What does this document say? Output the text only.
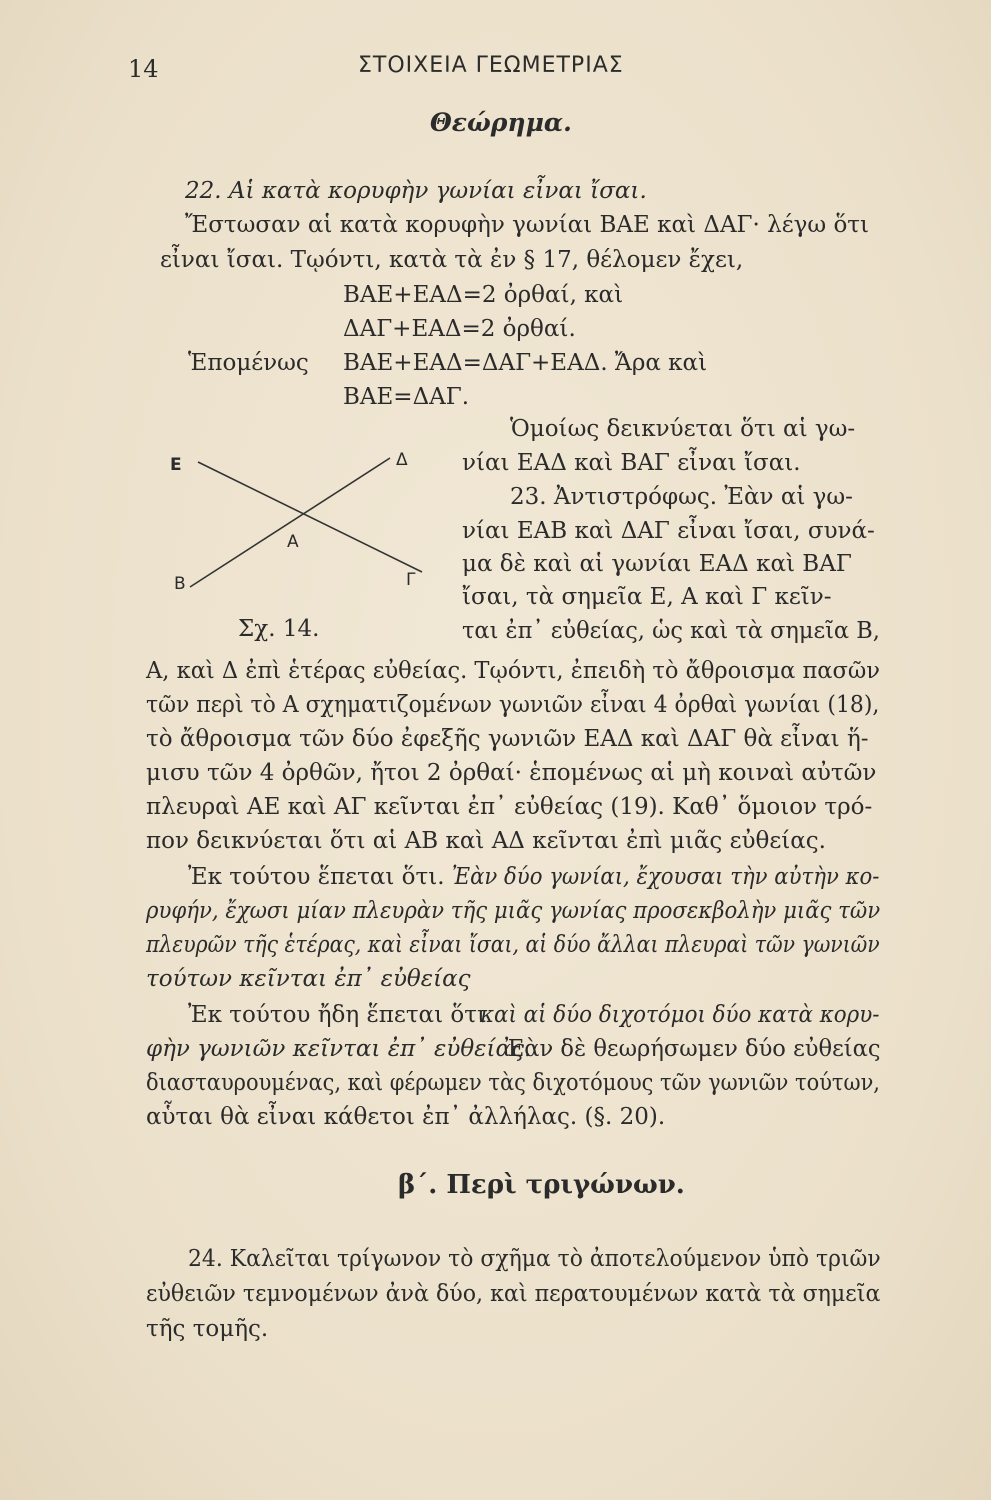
14	ΣΤΟΙΧΕΙΑ ΓΕΩΜΕΤΡΙΑΣ
Θεώρημα.
22. Αἱ κατὰ κορυφὴν γωνίαι εἶναι ἴσαι.
Ἔστωσαν αἱ κατὰ κορυφὴν γωνίαι ΒΑΕ καὶ ΔΑΓ· λέγω ὅτι
εἶναι ἴσαι. Τῳόντι, κατὰ τὰ ἐν § 17, θέλομεν ἔχει,
ΒΑΕ+ΕΑΔ=2 ὀρθαί, καὶ
ΔΑΓ+ΕΑΔ=2 ὀρθαί.
Ἑπομένως ΒΑΕ+ΕΑΔ=ΔΑΓ+ΕΑΔ. Ἄρα καὶ
ΒΑΕ=ΔΑΓ.
Ὁμοίως δεικνύεται ὅτι αἱ γω-
νίαι ΕΑΔ καὶ ΒΑΓ εἶναι ἴσαι.
23. Ἀντιστρόφως. Ἐὰν αἱ γω-
νίαι ΕΑΒ καὶ ΔΑΓ εἶναι ἴσαι, συνά-
μα δὲ καὶ αἱ γωνίαι ΕΑΔ καὶ ΒΑΓ
ἴσαι, τὰ σημεῖα Ε, Α καὶ Γ κεῖν-
ται ἐπ᾽ εὐθείας, ὡς καὶ τὰ σημεῖα Β,
E	Δ
A
B	Γ
Σχ. 14.
Α, καὶ Δ ἐπὶ ἑτέρας εὐθείας. Τῳόντι, ἐπειδὴ τὸ ἄθροισμα πασῶν
τῶν περὶ τὸ Α σχηματιζομένων γωνιῶν εἶναι 4 ὀρθαὶ γωνίαι (18),
τὸ ἄθροισμα τῶν δύο ἐφεξῆς γωνιῶν ΕΑΔ καὶ ΔΑΓ θὰ εἶναι ἥ-
μισυ τῶν 4 ὀρθῶν, ἤτοι 2 ὀρθαί· ἑπομένως αἱ μὴ κοιναὶ αὐτῶν
πλευραὶ ΑΕ καὶ ΑΓ κεῖνται ἐπ᾽ εὐθείας (19). Καθ᾽ ὅμοιον τρό-
πον δεικνύεται ὅτι αἱ ΑΒ καὶ ΑΔ κεῖνται ἐπὶ μιᾶς εὐθείας.
Ἐκ τούτου ἕπεται ὅτι. Ἐὰν δύο γωνίαι, ἔχουσαι τὴν αὐτὴν κο-
ρυφήν, ἔχωσι μίαν πλευρὰν τῆς μιᾶς γωνίας προσεκβολὴν μιᾶς τῶν
πλευρῶν τῆς ἑτέρας, καὶ εἶναι ἴσαι, αἱ δύο ἄλλαι πλευραὶ τῶν γωνιῶν
τούτων κεῖνται ἐπ᾽ εὐθείας
Ἐκ τούτου ἤδη ἕπεται ὅτι
καὶ αἱ δύο διχοτόμοι δύο κατὰ κορυ-
φὴν γωνιῶν κεῖνται ἐπ᾽ εὐθείας.
Ἐὰν δὲ θεωρήσωμεν δύο εὐθείας
διασταυρουμένας, καὶ φέρωμεν τὰς διχοτόμους τῶν γωνιῶν τούτων,
αὗται θὰ εἶναι κάθετοι ἐπ᾽ ἀλλήλας. (§. 20).
β΄. Περὶ τριγώνων.
24. Καλεῖται τρίγωνον τὸ σχῆμα τὸ ἀποτελούμενον ὑπὸ τριῶν
εὐθειῶν τεμνομένων ἀνὰ δύο, καὶ περατουμένων κατὰ τὰ σημεῖα
τῆς τομῆς.
